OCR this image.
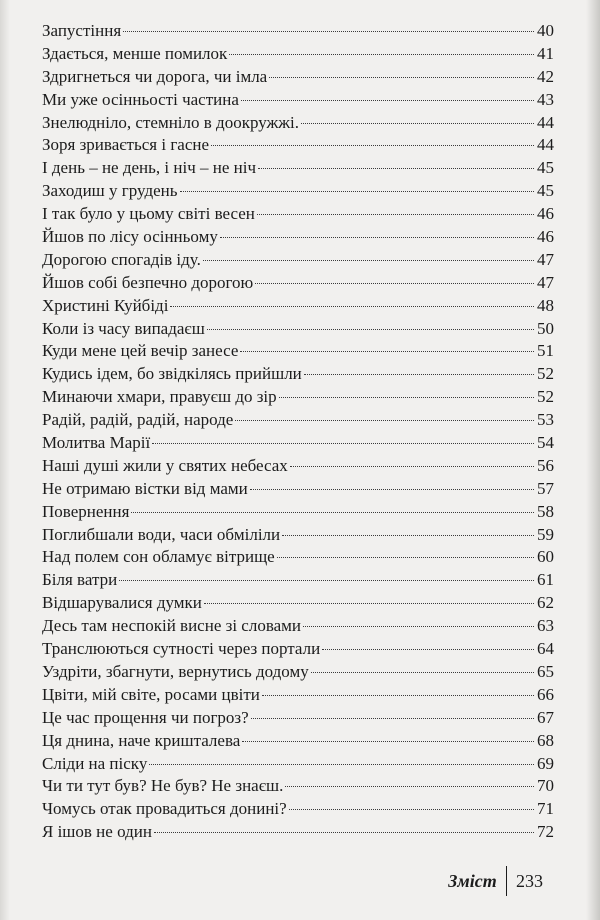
Запустіння	40
Здається, менше помилок	41
Здригнеться чи дорога, чи імла	42
Ми уже осінньості частина	43
Знелюдніло, стемніло в доокружжі.	44
Зоря зривається і гасне	44
І день – не день, і ніч – не ніч	45
Заходиш у грудень	45
І так було у цьому світі весен	46
Йшов по лісу осінньому	46
Дорогою спогадів іду.	47
Йшов собі безпечно дорогою	47
Христині Куйбіді	48
Коли із часу випадаєш	50
Куди мене цей вечір занесе	51
Кудись ідем, бо звідкілясь прийшли	52
Минаючи хмари, правуєш до зір	52
Радій, радій, радій, народе	53
Молитва Марії	54
Наші душі жили у святих небесах	56
Не отримаю вістки від мами	57
Повернення	58
Поглибшали води, часи обміліли	59
Над полем сон обламує вітрище	60
Біля ватри	61
Відшарувалися думки	62
Десь там неспокій висне зі словами	63
Транслюються сутності через портали	64
Уздріти, збагнути, вернутись додому	65
Цвіти, мій світе, росами цвіти	66
Це час прощення чи погроз?	67
Ця днина, наче кришталева	68
Сліди на піску	69
Чи ти тут був? Не був? Не знаєш.	70
Чомусь отак провадиться донині?	71
Я ішов не один	72
Зміст	233
